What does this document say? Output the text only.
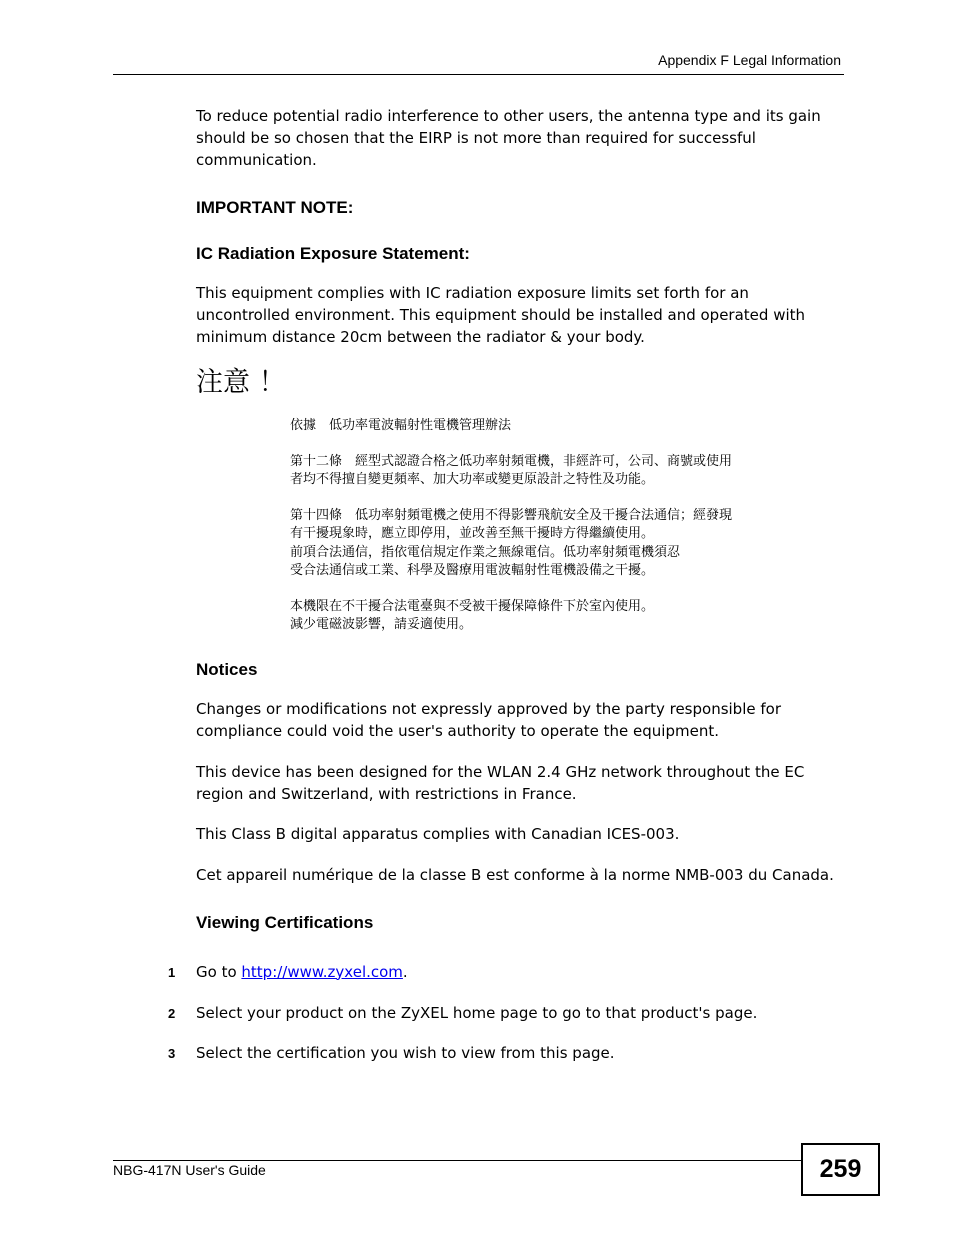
Appendix F Legal Information

To reduce potential radio interference to other users, the antenna type and its gain should be so chosen that the EIRP is not more than required for successful communication.

IMPORTANT NOTE:
IC Radiation Exposure Statement:

This equipment complies with IC radiation exposure limits set forth for an uncontrolled environment. This equipment should be installed and operated with minimum distance 20cm between the radiator & your body.

注意 ！
依據　低功率電波輻射性電機管理辦法
第十二條　經型式認證合格之低功率射頻電機，非經許可，公司、商號或使用
者均不得擅自變更頻率、加大功率或變更原設計之特性及功能。
第十四條　低功率射頻電機之使用不得影響飛航安全及干擾合法通信；經發現
有干擾現象時，應立即停用，並改善至無干擾時方得繼續使用。
前項合法通信，指依電信規定作業之無線電信。低功率射頻電機須忍
受合法通信或工業、科學及醫療用電波輻射性電機設備之干擾。
本機限在不干擾合法電臺與不受被干擾保障條件下於室內使用。
減少電磁波影響，請妥適使用。
Notices

Changes or modifications not expressly approved by the party responsible for compliance could void the user's authority to operate the equipment.

This device has been designed for the WLAN 2.4 GHz network throughout the EC region and Switzerland, with restrictions in France.

This Class B digital apparatus complies with Canadian ICES-003.

Cet appareil numérique de la classe B est conforme à la norme NMB-003 du Canada.

Viewing Certifications
1 Go to http://www.zyxel.com.
2 Select your product on the ZyXEL home page to go to that product's page.
3 Select the certification you wish to view from this page.
NBG-417N User's Guide	259
